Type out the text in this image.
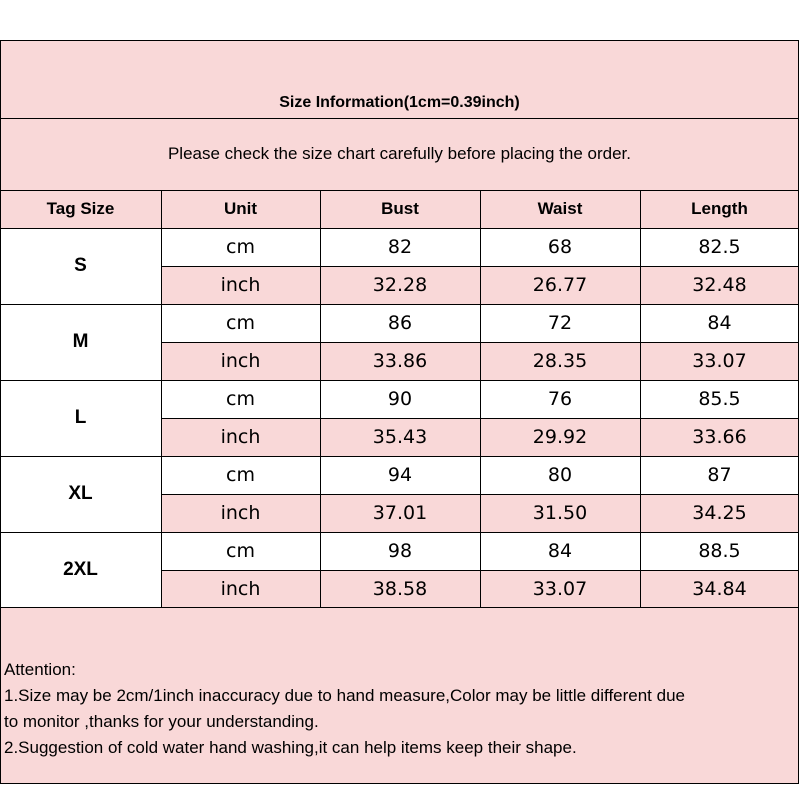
Size Information(1cm=0.39inch)
Please check the size chart carefully before placing the order.
Tag Size	Unit	Bust	Waist	Length
S
cm	82	68	82.5
inch	32.28	26.77	32.48
M
cm	86	72	84
inch	33.86	28.35	33.07
L
cm	90	76	85.5
inch	35.43	29.92	33.66
XL
cm	94	80	87
inch	37.01	31.50	34.25
2XL
cm	98	84	88.5
inch	38.58	33.07	34.84
Attention:
1.Size may be 2cm/1inch inaccuracy due to hand measure,Color may be little different due
to monitor ,thanks for your understanding.
2.Suggestion of cold water hand washing,it can help items keep their shape.
